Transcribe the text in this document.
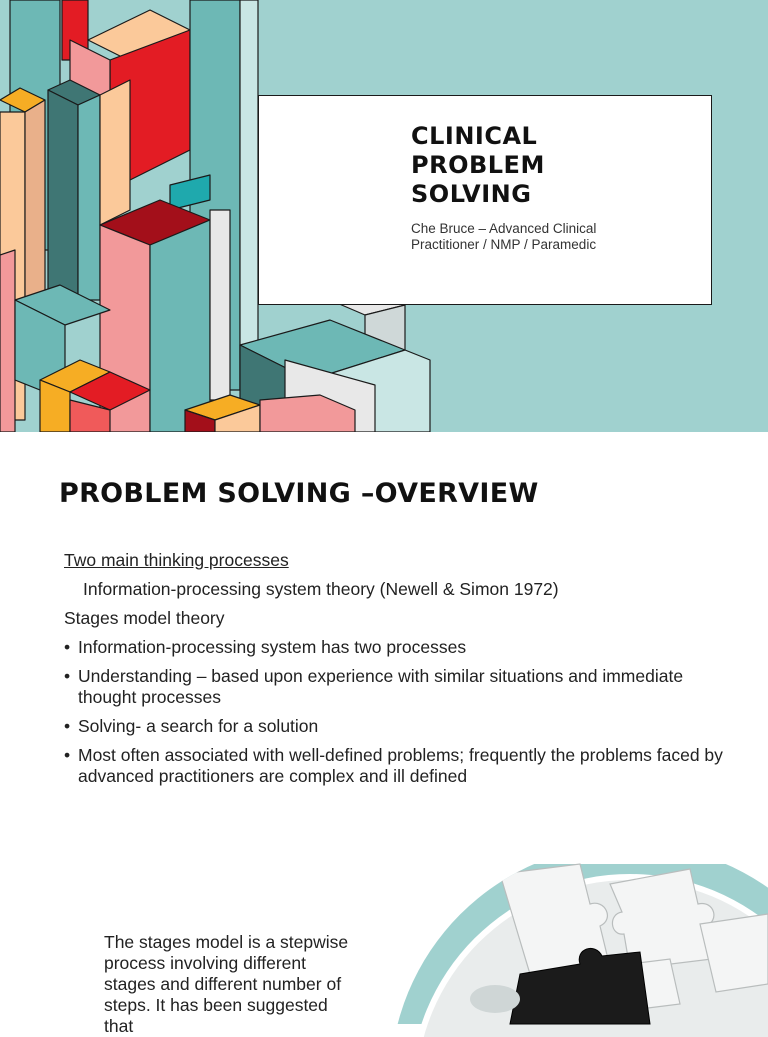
CLINICAL
PROBLEM
SOLVING

Che Bruce – Advanced Clinical Practitioner / NMP / Paramedic

PROBLEM SOLVING –OVERVIEW

Two main thinking processes

Information-processing system theory (Newell & Simon 1972)

Stages model theory

• Information-processing system has two processes

• Understanding – based upon experience with similar situations and immediate thought processes

• Solving- a search for a solution

• Most often associated with well-defined problems; frequently the problems faced by advanced practitioners are complex and ill defined

The stages model is a stepwise process involving different stages and different number of steps. It has been suggested that
